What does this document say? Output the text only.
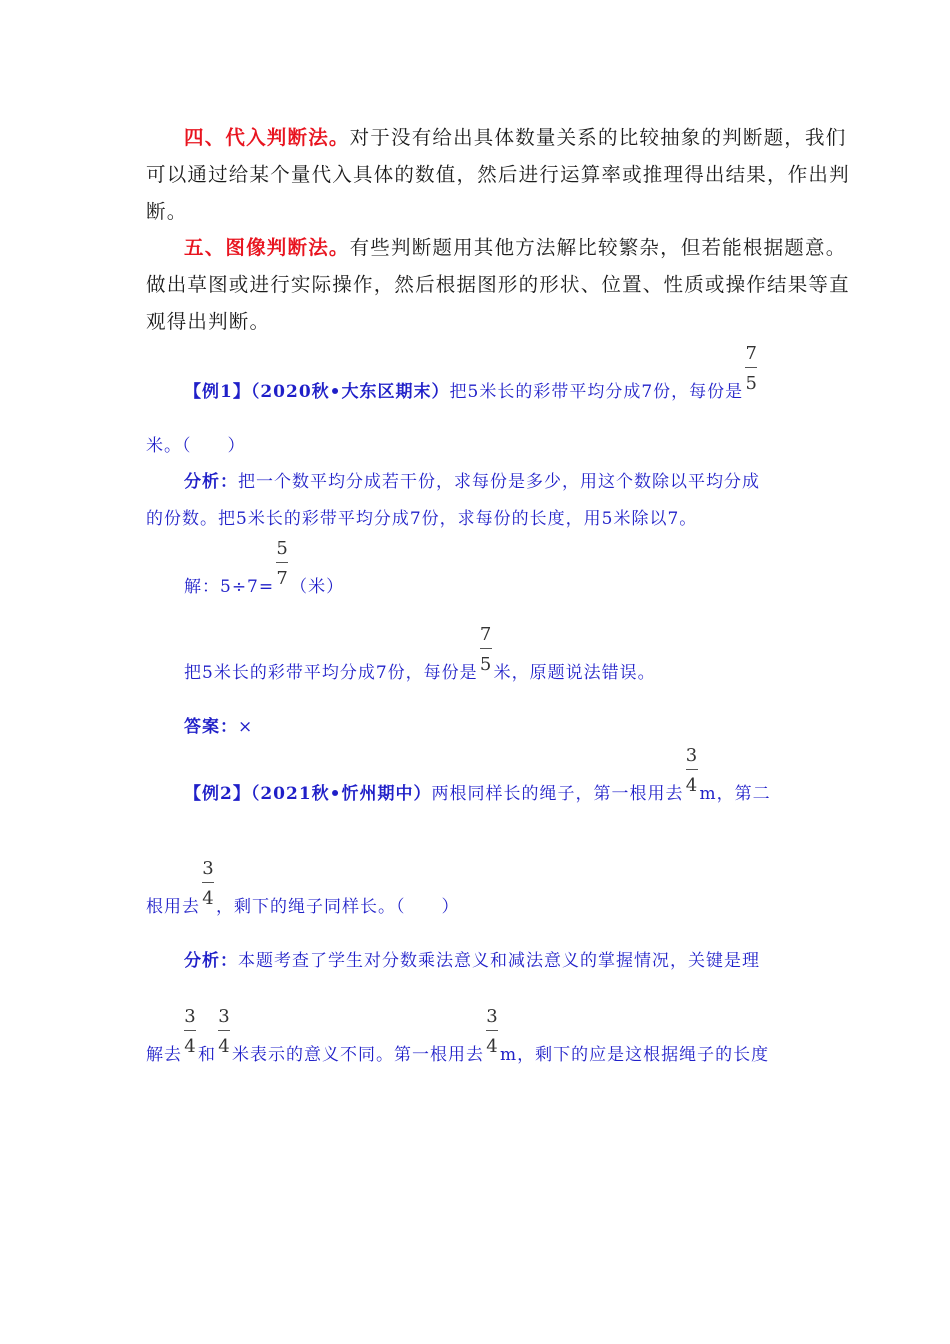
四、代入判断法。对于没有给出具体数量关系的比较抽象的判断题，我们
可以通过给某个量代入具体的数值，然后进行运算率或推理得出结果，作出判
断。
五、图像判断法。有些判断题用其他方法解比较繁杂，但若能根据题意。
做出草图或进行实际操作，然后根据图形的形状、位置、性质或操作结果等直
观得出判断。
【例1】（2020秋•大东区期末）把5米长的彩带平均分成7份，每份是 $\frac{7}{5}$
米。（　　）
分析：把一个数平均分成若干份，求每份是多少，用这个数除以平均分成
的份数。把5米长的彩带平均分成7份，求每份的长度，用5米除以7。
解：$5\div 7= \frac{5}{7}$ （米）
把5米长的彩带平均分成7份，每份是 $\frac{7}{5}$ 米，原题说法错误。
答案：×
【例2】（2021秋•忻州期中）两根同样长的绳子，第一根用去 $\frac{3}{4}$ m，第二
根用去 $\frac{3}{4}$ ，剩下的绳子同样长。（　　）
分析：本题考查了学生对分数乘法意义和减法意义的掌握情况，关键是理
解去 $\frac{3}{4}$ 和 $\frac{3}{4}$ 米表示的意义不同。第一根用去 $\frac{3}{4}$ m，剩下的应是这根据绳子的长度
